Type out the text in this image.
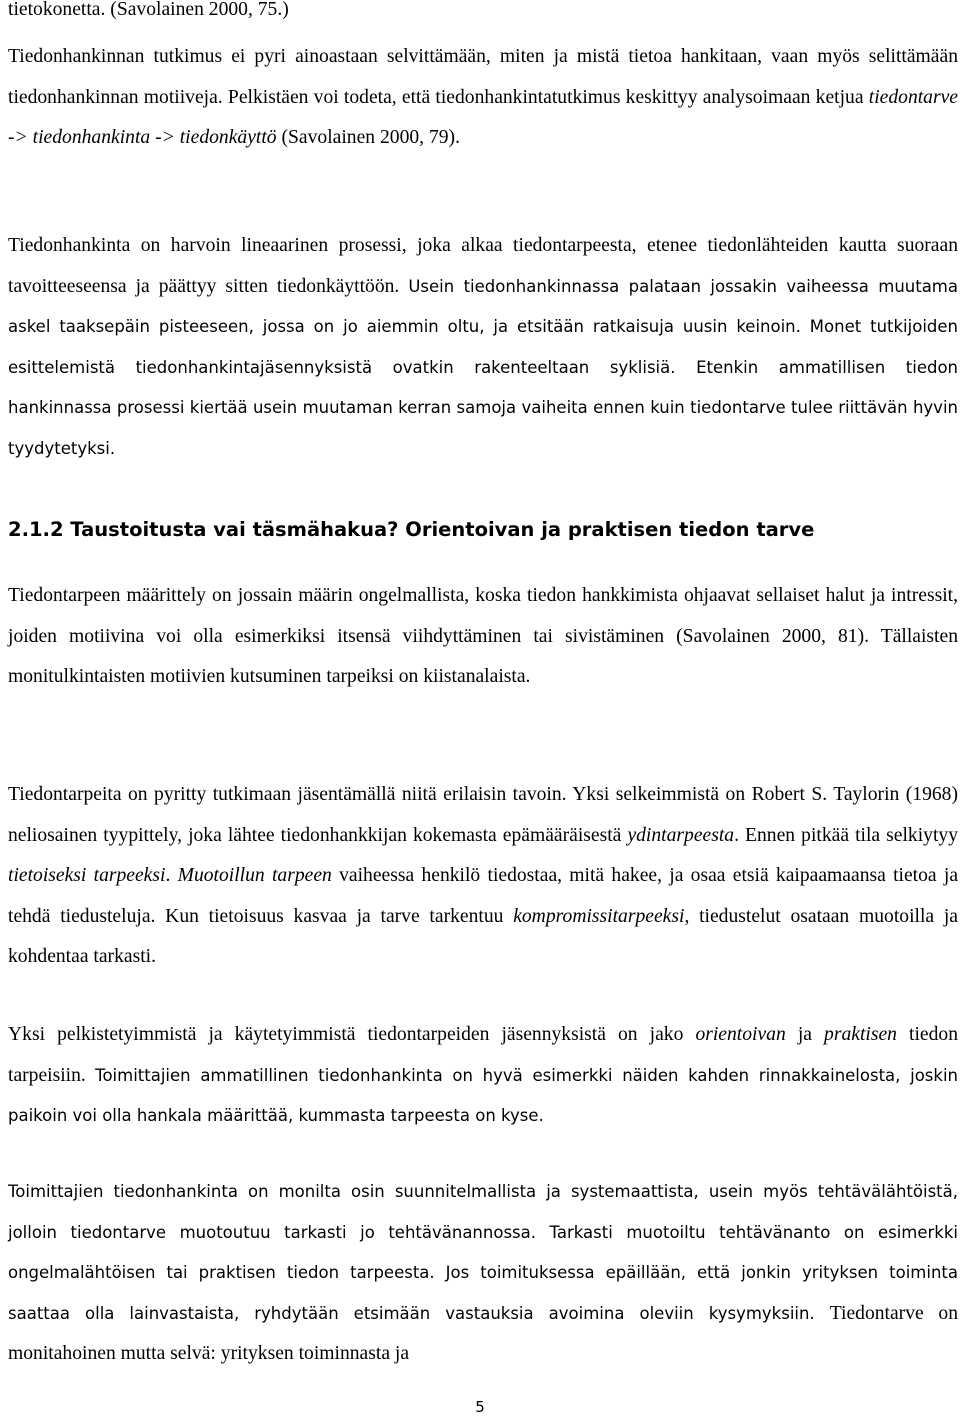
tietokonetta. (Savolainen 2000, 75.)

Tiedonhankinnan tutkimus ei pyri ainoastaan selvittämään, miten ja mistä tietoa hankitaan, vaan myös selittämään tiedonhankinnan motiiveja. Pelkistäen voi todeta, että tiedonhankintatutkimus keskittyy analysoimaan ketjua tiedontarve -> tiedonhankinta -> tiedonkäyttö (Savolainen 2000, 79).

Tiedonhankinta on harvoin lineaarinen prosessi, joka alkaa tiedontarpeesta, etenee tiedonlähteiden kautta suoraan tavoitteeseensa ja päättyy sitten tiedonkäyttöön. Usein tiedonhankinnassa palataan jossakin vaiheessa muutama askel taaksepäin pisteeseen, jossa on jo aiemmin oltu, ja etsitään ratkaisuja uusin keinoin. Monet tutkijoiden esittelemistä tiedonhankintajäsennyksistä ovatkin rakenteeltaan syklisiä. Etenkin ammatillisen tiedon hankinnassa prosessi kiertää usein muutaman kerran samoja vaiheita ennen kuin tiedontarve tulee riittävän hyvin tyydytetyksi.

2.1.2 Taustoitusta vai täsmähakua? Orientoivan ja praktisen tiedon tarve

Tiedontarpeen määrittely on jossain määrin ongelmallista, koska tiedon hankkimista ohjaavat sellaiset halut ja intressit, joiden motiivina voi olla esimerkiksi itsensä viihdyttäminen tai sivistäminen (Savolainen 2000, 81). Tällaisten monitulkintaisten motiivien kutsuminen tarpeiksi on kiistanalaista.

Tiedontarpeita on pyritty tutkimaan jäsentämällä niitä erilaisin tavoin. Yksi selkeimmistä on Robert S. Taylorin (1968) neliosainen tyypittely, joka lähtee tiedonhankkijan kokemasta epämääräisestä ydintarpeesta. Ennen pitkää tila selkiytyy tietoiseksi tarpeeksi. Muotoillun tarpeen vaiheessa henkilö tiedostaa, mitä hakee, ja osaa etsiä kaipaamaansa tietoa ja tehdä tiedusteluja. Kun tietoisuus kasvaa ja tarve tarkentuu kompromissitarpeeksi, tiedustelut osataan muotoilla ja kohdentaa tarkasti.

Yksi pelkistetyimmistä ja käytetyimmistä tiedontarpeiden jäsennyksistä on jako orientoivan ja praktisen tiedon tarpeisiin. Toimittajien ammatillinen tiedonhankinta on hyvä esimerkki näiden kahden rinnakkainelosta, joskin paikoin voi olla hankala määrittää, kummasta tarpeesta on kyse.

Toimittajien tiedonhankinta on monilta osin suunnitelmallista ja systemaattista, usein myös tehtävälähtöistä, jolloin tiedontarve muotoutuu tarkasti jo tehtävänannossa. Tarkasti muotoiltu tehtävänanto on esimerkki ongelmalähtöisen tai praktisen tiedon tarpeesta. Jos toimituksessa epäillään, että jonkin yrityksen toiminta saattaa olla lainvastaista, ryhdytään etsimään vastauksia avoimina oleviin kysymyksiin. Tiedontarve on monitahoinen mutta selvä: yrityksen toiminnasta ja

5
